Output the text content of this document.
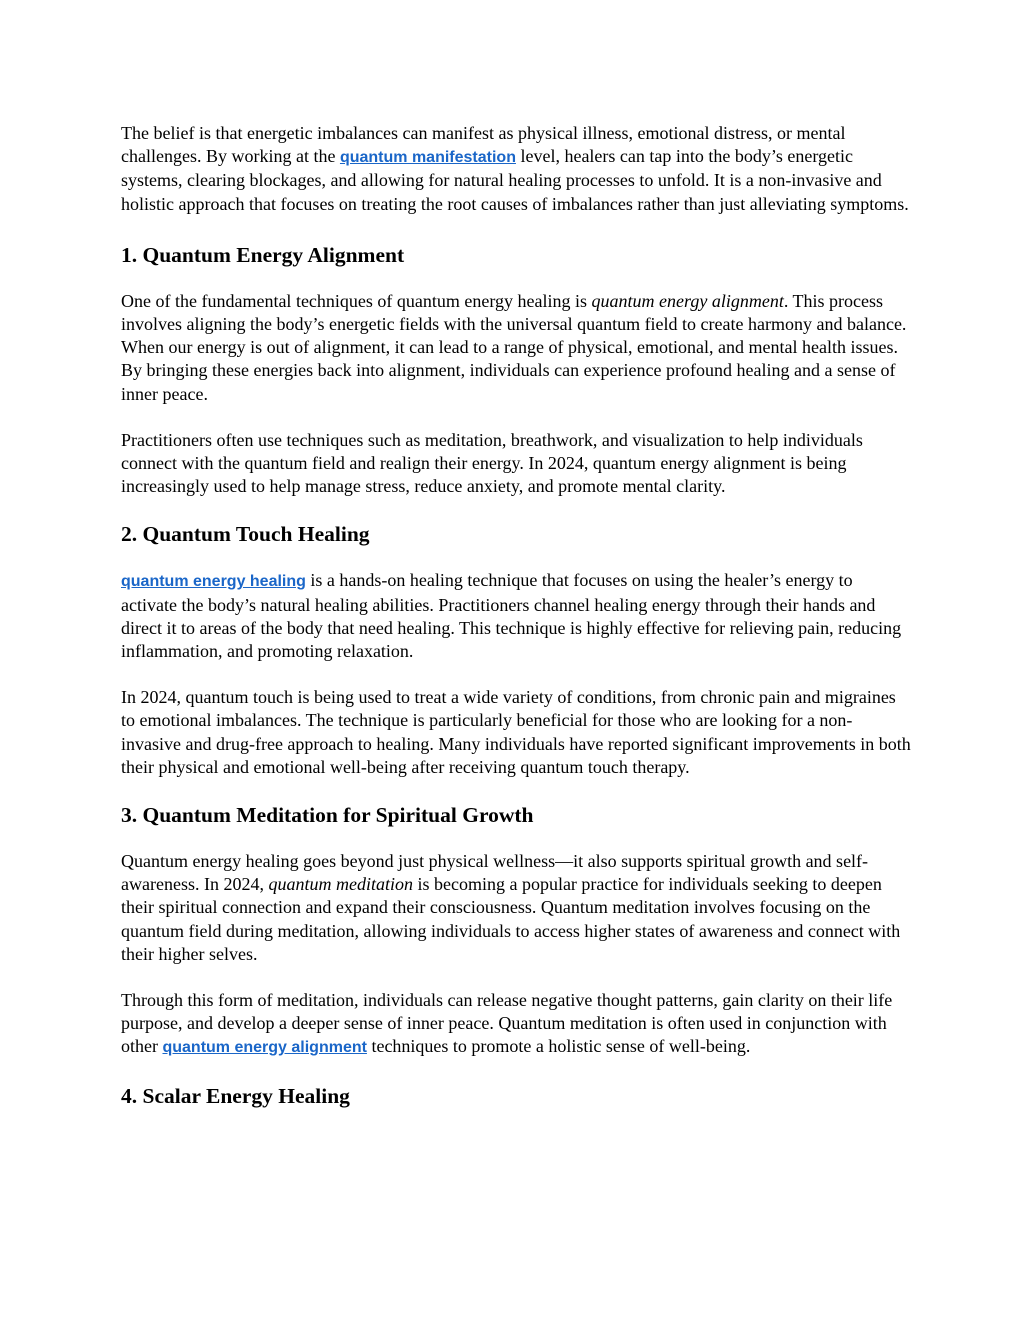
The belief is that energetic imbalances can manifest as physical illness, emotional distress, or mental challenges. By working at the quantum manifestation level, healers can tap into the body’s energetic systems, clearing blockages, and allowing for natural healing processes to unfold. It is a non-invasive and holistic approach that focuses on treating the root causes of imbalances rather than just alleviating symptoms.

1. Quantum Energy Alignment

One of the fundamental techniques of quantum energy healing is quantum energy alignment. This process involves aligning the body’s energetic fields with the universal quantum field to create harmony and balance. When our energy is out of alignment, it can lead to a range of physical, emotional, and mental health issues. By bringing these energies back into alignment, individuals can experience profound healing and a sense of inner peace.

Practitioners often use techniques such as meditation, breathwork, and visualization to help individuals connect with the quantum field and realign their energy. In 2024, quantum energy alignment is being increasingly used to help manage stress, reduce anxiety, and promote mental clarity.

2. Quantum Touch Healing

quantum energy healing is a hands-on healing technique that focuses on using the healer’s energy to activate the body’s natural healing abilities. Practitioners channel healing energy through their hands and direct it to areas of the body that need healing. This technique is highly effective for relieving pain, reducing inflammation, and promoting relaxation.

In 2024, quantum touch is being used to treat a wide variety of conditions, from chronic pain and migraines to emotional imbalances. The technique is particularly beneficial for those who are looking for a non-invasive and drug-free approach to healing. Many individuals have reported significant improvements in both their physical and emotional well-being after receiving quantum touch therapy.

3. Quantum Meditation for Spiritual Growth

Quantum energy healing goes beyond just physical wellness—it also supports spiritual growth and self-awareness. In 2024, quantum meditation is becoming a popular practice for individuals seeking to deepen their spiritual connection and expand their consciousness. Quantum meditation involves focusing on the quantum field during meditation, allowing individuals to access higher states of awareness and connect with their higher selves.

Through this form of meditation, individuals can release negative thought patterns, gain clarity on their life purpose, and develop a deeper sense of inner peace. Quantum meditation is often used in conjunction with other quantum energy alignment techniques to promote a holistic sense of well-being.

4. Scalar Energy Healing
